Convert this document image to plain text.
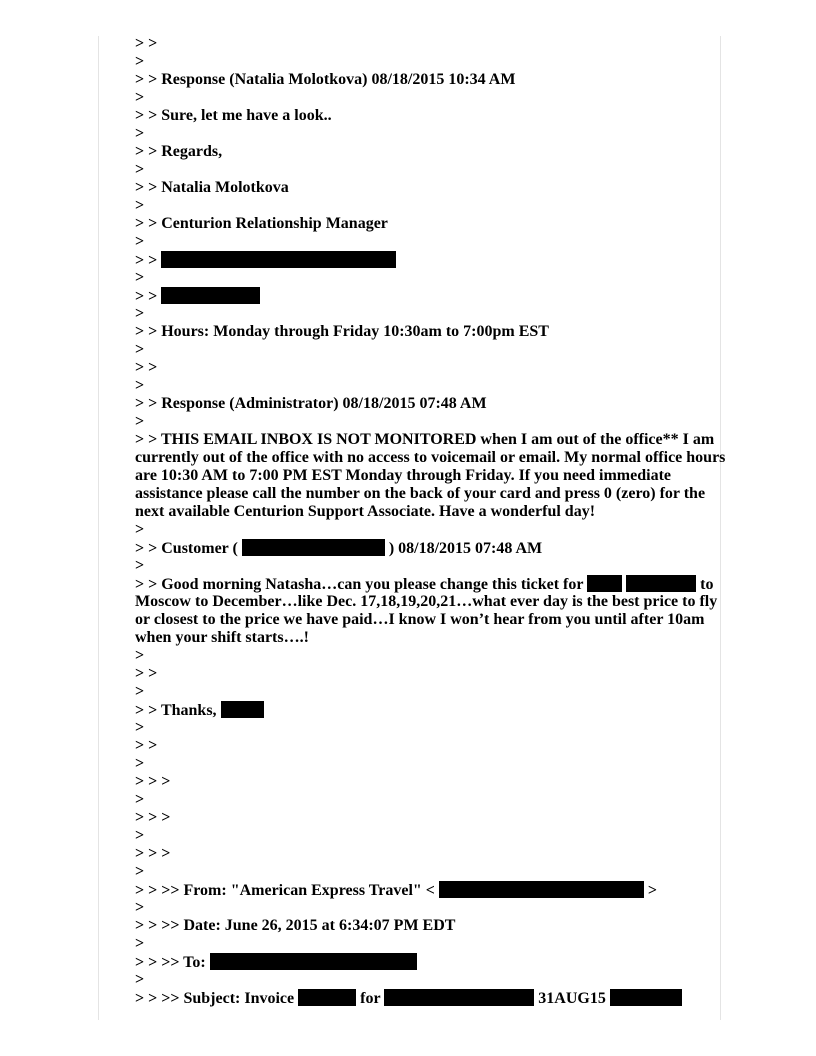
> >
>
> > Response (Natalia Molotkova) 08/18/2015 10:34 AM
>
> > Sure, let me have a look..
>
> > Regards,
>
> > Natalia Molotkova
>
> > Centurion Relationship Manager
>
> >
>
> >
>
> > Hours: Monday through Friday 10:30am to 7:00pm EST
>
> >
>
> > Response (Administrator) 08/18/2015 07:48 AM
>
> > THIS EMAIL INBOX IS NOT MONITORED when I am out of the office** I am
currently out of the office with no access to voicemail or email. My normal office hours
are 10:30 AM to 7:00 PM EST Monday through Friday. If you need immediate
assistance please call the number on the back of your card and press 0 (zero) for the
next available Centurion Support Associate. Have a wonderful day!
>
> > Customer (	) 08/18/2015 07:48 AM
>
> > Good morning Natasha…can you please change this ticket for	to
Moscow to December…like Dec. 17,18,19,20,21…what ever day is the best price to fly
or closest to the price we have paid…I know I won’t hear from you until after 10am
when your shift starts….!
>
> >
>
> > Thanks,
>
> >
>
> > >
>
> > >
>
> > >
>
> > >> From: "American Express Travel" <	>
>
> > >> Date: June 26, 2015 at 6:34:07 PM EDT
>
> > >> To:
>
> > >> Subject: Invoice	for	31AUG15
